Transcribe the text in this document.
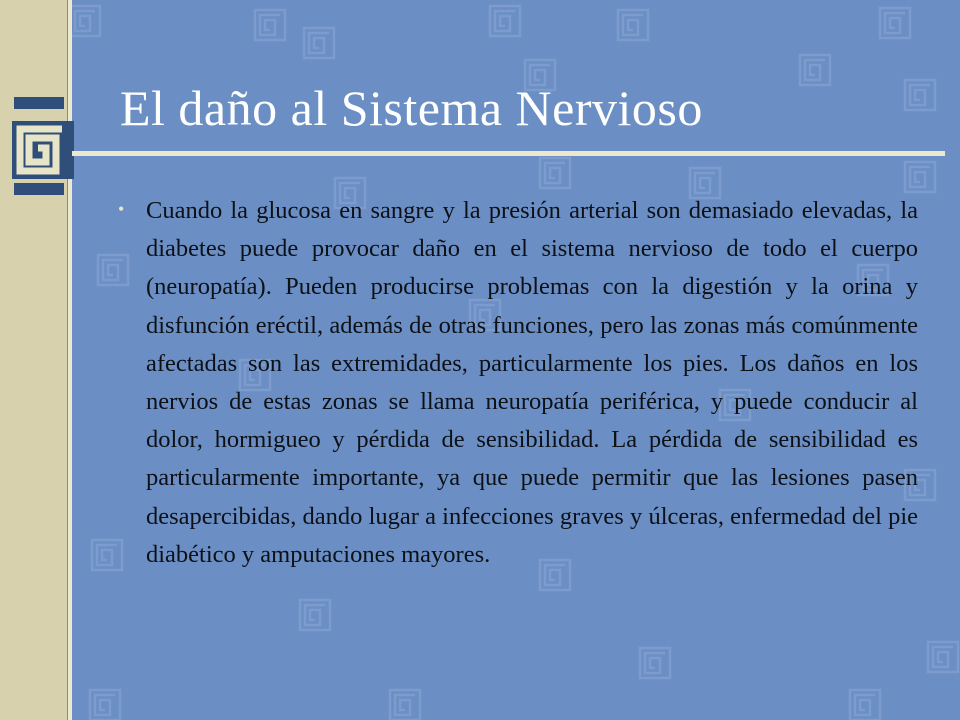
El daño al Sistema Nervioso
• Cuando la glucosa en sangre y la presión arterial son demasiado elevadas, la diabetes puede provocar daño en el sistema nervioso de todo el cuerpo (neuropatía). Pueden producirse problemas con la digestión y la orina y disfunción eréctil, además de otras funciones, pero las zonas más comúnmente afectadas son las extremidades, particularmente los pies. Los daños en los nervios de estas zonas se llama neuropatía periférica, y puede conducir al dolor, hormigueo y pérdida de sensibilidad. La pérdida de sensibilidad es particularmente importante, ya que puede permitir que las lesiones pasen desapercibidas, dando lugar a infecciones graves y úlceras, enfermedad del pie diabético y amputaciones mayores.
